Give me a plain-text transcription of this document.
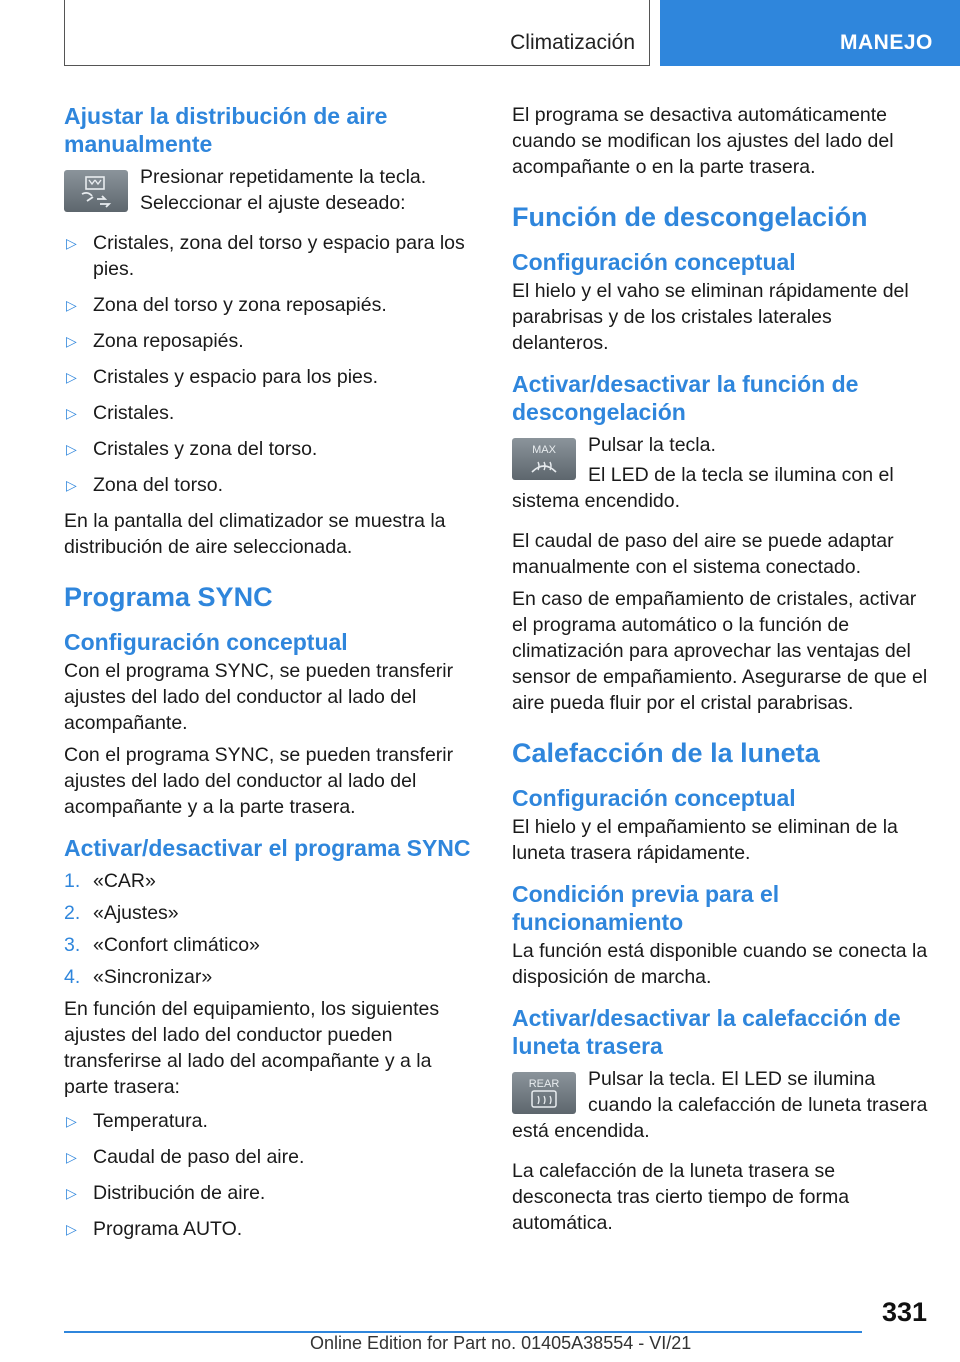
Climatización	MANEJO
Ajustar la distribución de aire manualmente

Presionar repetidamente la tecla. Seleccionar el ajuste deseado:

▷ Cristales, zona del torso y espacio para los pies.
▷ Zona del torso y zona reposapiés.
▷ Zona reposapiés.
▷ Cristales y espacio para los pies.
▷ Cristales.
▷ Cristales y zona del torso.
▷ Zona del torso.

En la pantalla del climatizador se muestra la distribución de aire seleccionada.

Programa SYNC
Configuración conceptual

Con el programa SYNC, se pueden transferir ajustes del lado del conductor al lado del acompañante.

Con el programa SYNC, se pueden transferir ajustes del lado del conductor al lado del acompañante y a la parte trasera.

Activar/desactivar el programa SYNC
1. «CAR»
2. «Ajustes»
3. «Confort climático»
4. «Sincronizar»

En función del equipamiento, los siguientes ajustes del lado del conductor pueden transferirse al lado del acompañante y a la parte trasera:

▷ Temperatura.
▷ Caudal de paso del aire.
▷ Distribución de aire.
▷ Programa AUTO.

El programa se desactiva automáticamente cuando se modifican los ajustes del lado del acompañante o en la parte trasera.

Función de descongelación
Configuración conceptual

El hielo y el vaho se eliminan rápidamente del parabrisas y de los cristales laterales delanteros.

Activar/desactivar la función de descongelación
MAX	Pulsar la tecla.

El LED de la tecla se ilumina con el sistema encendido.

El caudal de paso del aire se puede adaptar manualmente con el sistema conectado.

En caso de empañamiento de cristales, activar el programa automático o la función de climatización para aprovechar las ventajas del sensor de empañamiento. Asegurarse de que el aire pueda fluir por el cristal parabrisas.

Calefacción de la luneta
Configuración conceptual

El hielo y el empañamiento se eliminan de la luneta trasera rápidamente.

Condición previa para el funcionamiento

La función está disponible cuando se conecta la disposición de marcha.

Activar/desactivar la calefacción de luneta trasera
REAR	Pulsar la tecla. El LED se ilumina cuando la calefacción de luneta trasera está encendida.

La calefacción de la luneta trasera se desconecta tras cierto tiempo de forma automática.

331
Online Edition for Part no. 01405A38554 - VI/21
